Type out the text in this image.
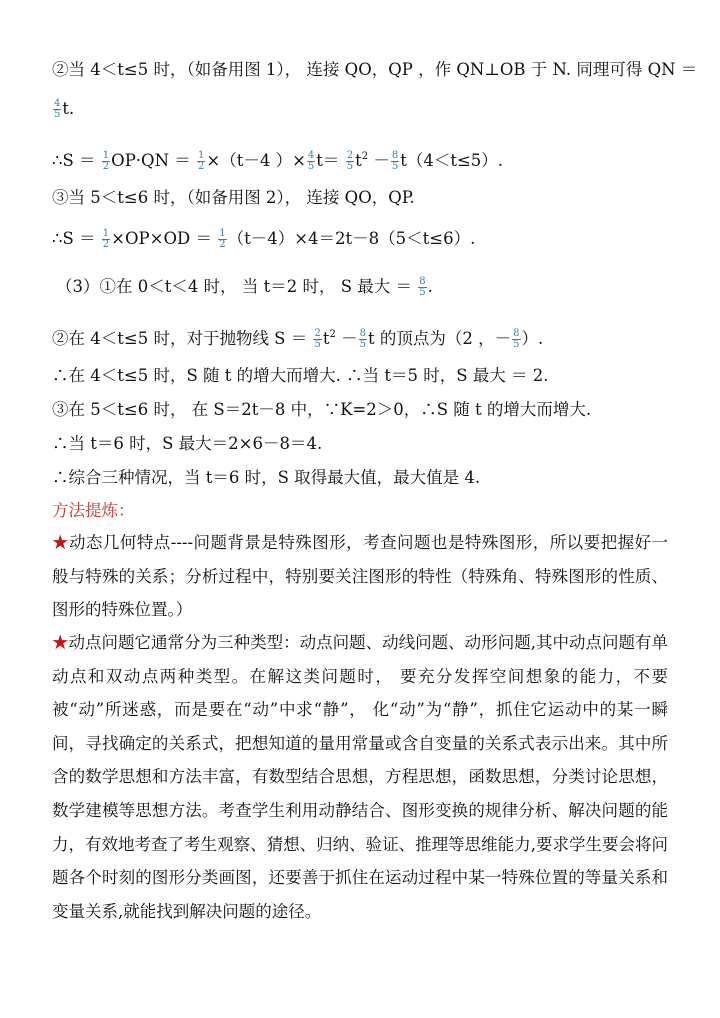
②当 4＜t≤5 时，（如备用图 1）， 连接 QO，QP ，作 QN⊥OB 于 N. 同理可得 QN ＝
$\frac{4}{5} t$.
∴S ＝ $\frac{1}{2} OP\cdot QN = \frac{1}{2} \times(t-4$ ）× $\frac{4}{5} t= \frac{2}{5} t^2 - \frac{8}{5} t(4<t\le 5)$.
③当 5＜t≤6 时，（如备用图 2）， 连接 QO，QP.
∴S ＝ $\frac{1}{2} \times OP\times OD = \frac{1}{2} (t-4)\times 4=2t-8(5<t\le 6)$.
（3）①在 0＜t＜4 时， 当 t＝2 时， S 最大 ＝ $\frac{8}{5}$ .
②在 4＜t≤5 时，对于抛物线 $S = \frac{2}{5} t^2 - \frac{8}{5}$ t 的顶点为（2 ，－ $\frac{8}{5}$ ）.
∴在 4＜t≤5 时，S 随 t 的增大而增大. ∴当 t＝5 时，S 最大 ＝ 2.
③在 5＜t≤6 时， 在 S＝2t－8 中，∵K=2＞0，∴S 随 t 的增大而增大.
∴当 t＝6 时，S 最大＝2×6－8＝4.
∴综合三种情况，当 t＝6 时，S 取得最大值，最大值是 4.
方法提炼：
★动态几何特点----问题背景是特殊图形，考查问题也是特殊图形，所以要把握好一般与特殊的关系；分析过程中，特别要关注图形的特性（特殊角、特殊图形的性质、图形的特殊位置。）
★动点问题它通常分为三种类型：动点问题、动线问题、动形问题,其中动点问题有单动点和双动点两种类型。在解这类问题时， 要充分发挥空间想象的能力，不要被“动”所迷惑，而是要在“动”中求“静”， 化“动”为“静”，抓住它运动中的某一瞬间，寻找确定的关系式，把想知道的量用常量或含自变量的关系式表示出来。其中所含的数学思想和方法丰富，有数型结合思想，方程思想，函数思想，分类讨论思想，数学建模等思想方法。考查学生利用动静结合、图形变换的规律分析、解决问题的能力，有效地考查了考生观察、猜想、归纳、验证、推理等思维能力,要求学生要会将问题各个时刻的图形分类画图，还要善于抓住在运动过程中某一特殊位置的等量关系和变量关系,就能找到解决问题的途径。
